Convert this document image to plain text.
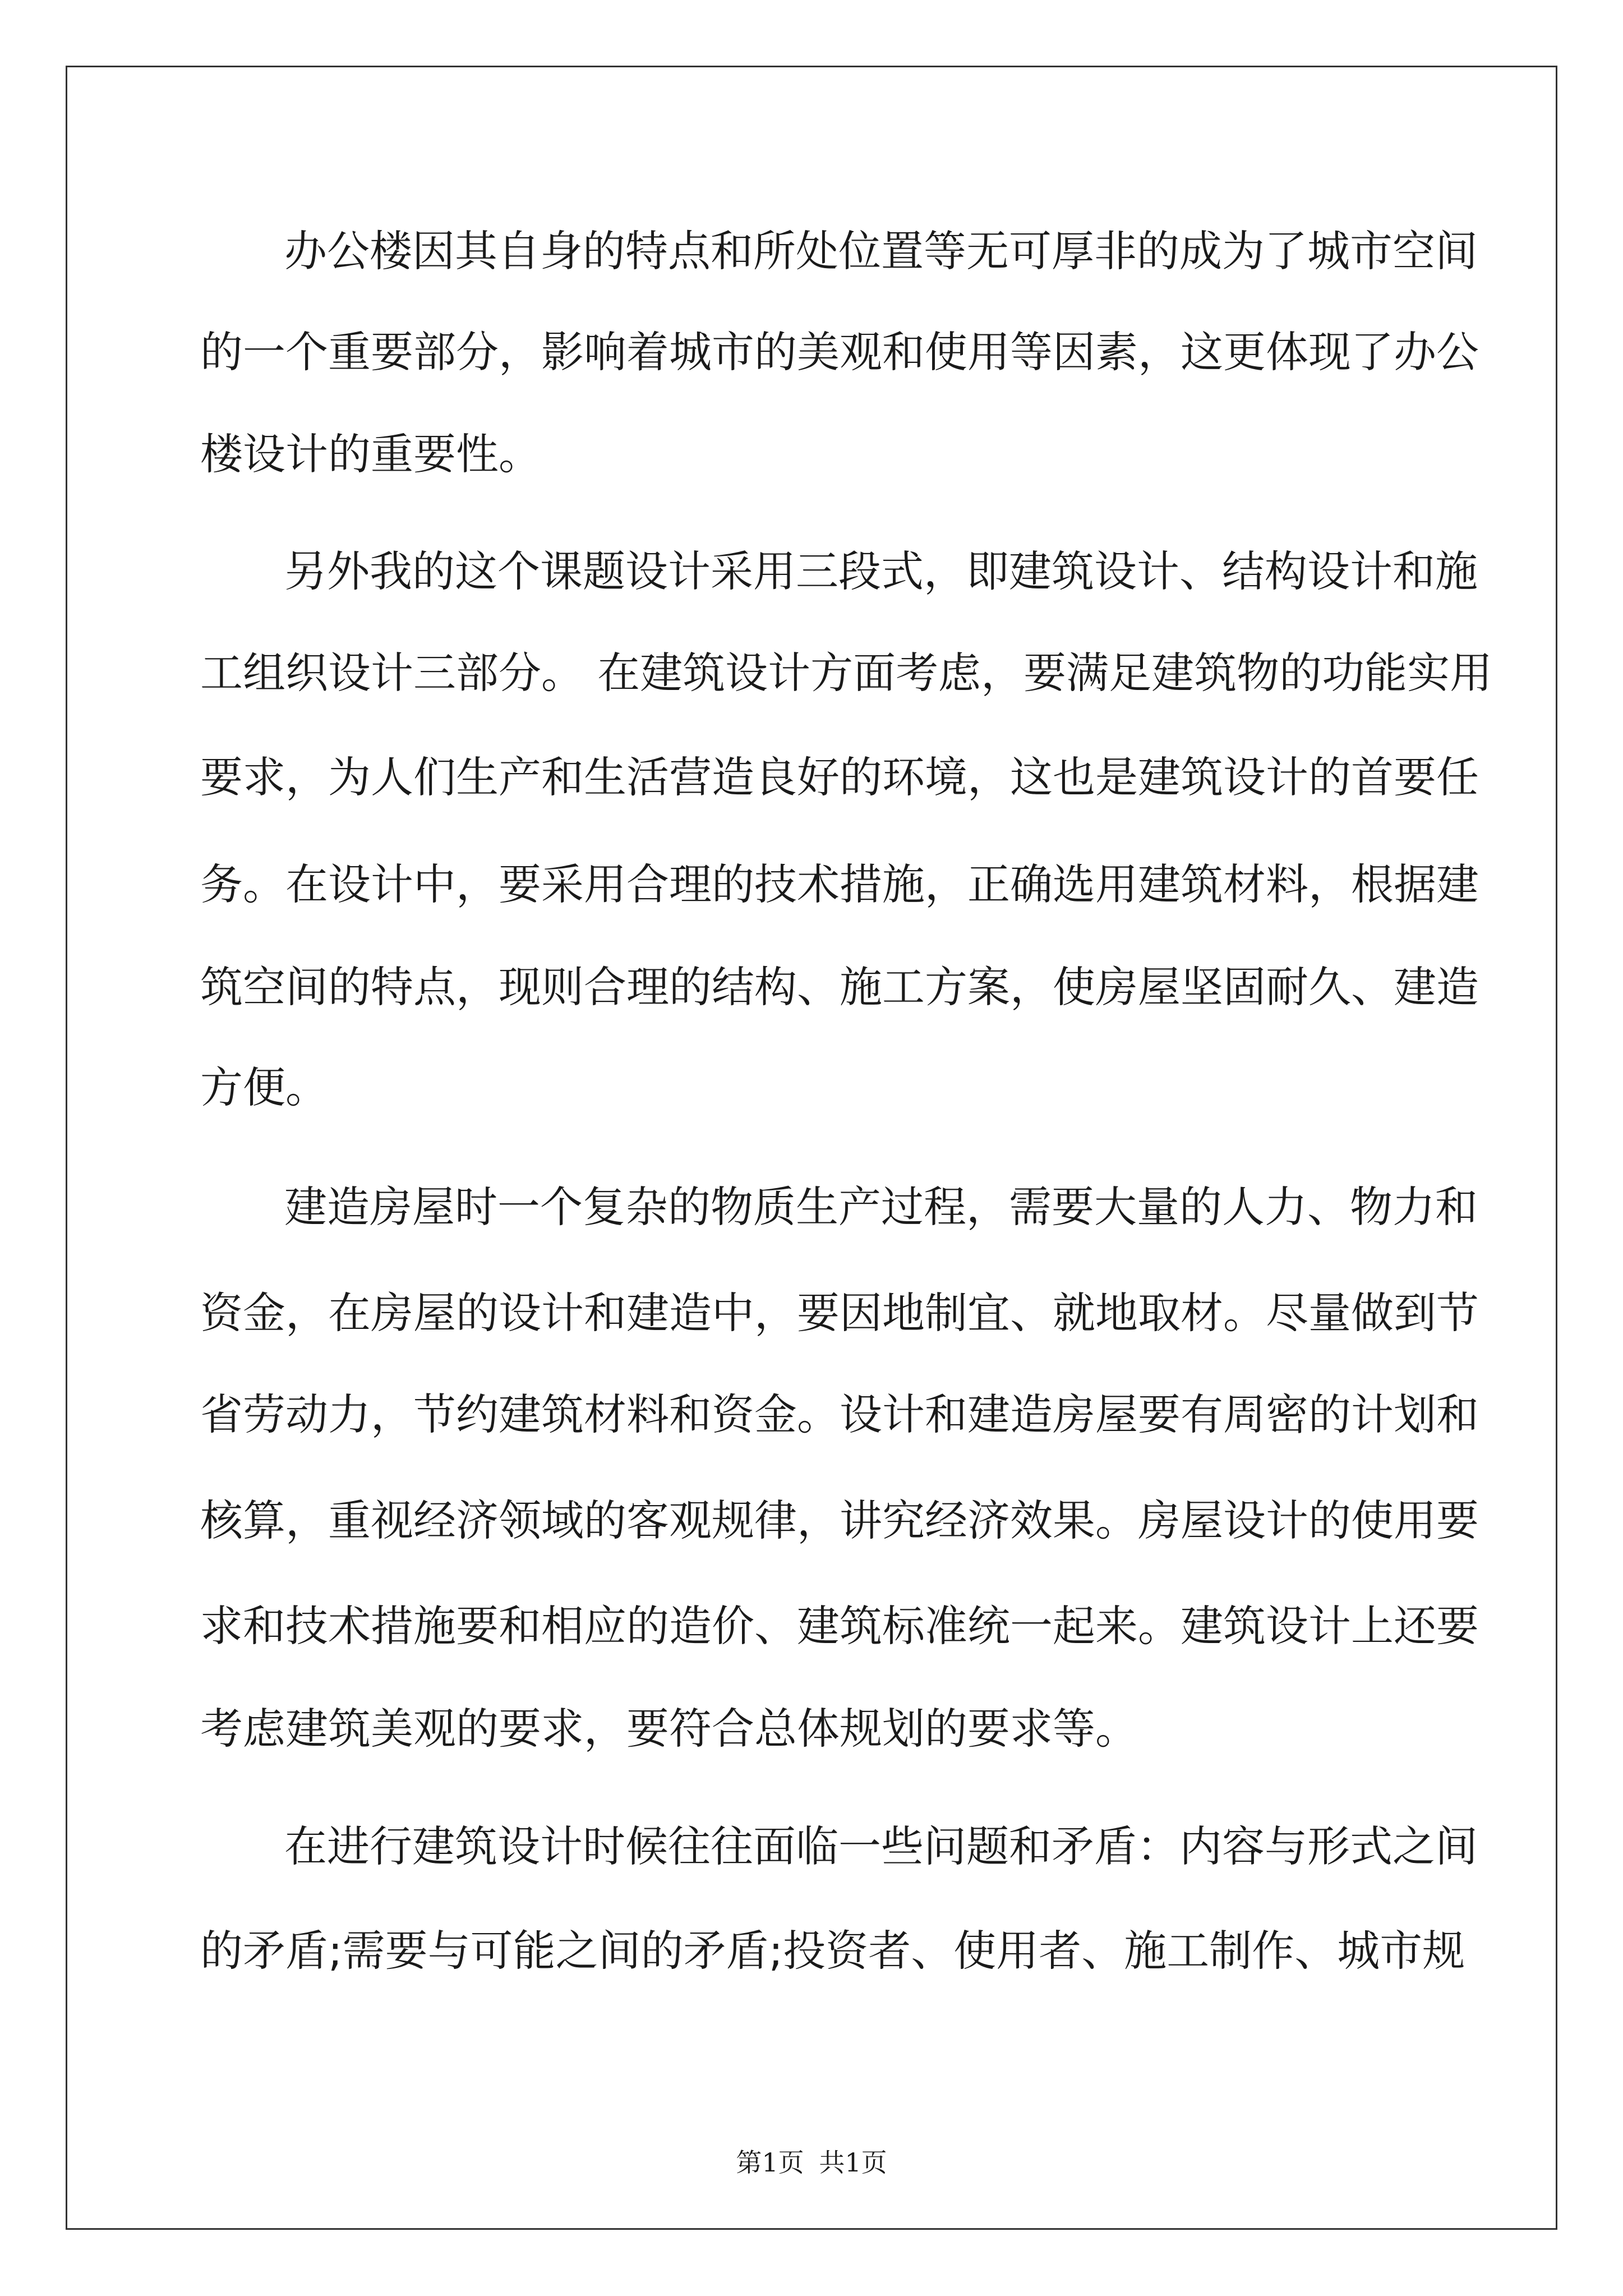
办公楼因其自身的特点和所处位置等无可厚非的成为了城市空间

的一个重要部分，影响着城市的美观和使用等因素，这更体现了办公

楼设计的重要性。

另外我的这个课题设计采用三段式，即建筑设计、结构设计和施

工组织设计三部分。 在建筑设计方面考虑，要满足建筑物的功能实用

要求，为人们生产和生活营造良好的环境，这也是建筑设计的首要任

务。在设计中，要采用合理的技术措施，正确选用建筑材料，根据建

筑空间的特点，现则合理的结构、施工方案，使房屋坚固耐久、建造

方便。

建造房屋时一个复杂的物质生产过程，需要大量的人力、物力和

资金，在房屋的设计和建造中，要因地制宜、就地取材。尽量做到节

省劳动力，节约建筑材料和资金。设计和建造房屋要有周密的计划和

核算，重视经济领域的客观规律，讲究经济效果。房屋设计的使用要

求和技术措施要和相应的造价、建筑标准统一起来。建筑设计上还要

考虑建筑美观的要求，要符合总体规划的要求等。

在进行建筑设计时候往往面临一些问题和矛盾：内容与形式之间

的矛盾;需要与可能之间的矛盾;投资者、使用者、施工制作、城市规

第1页 共1页
